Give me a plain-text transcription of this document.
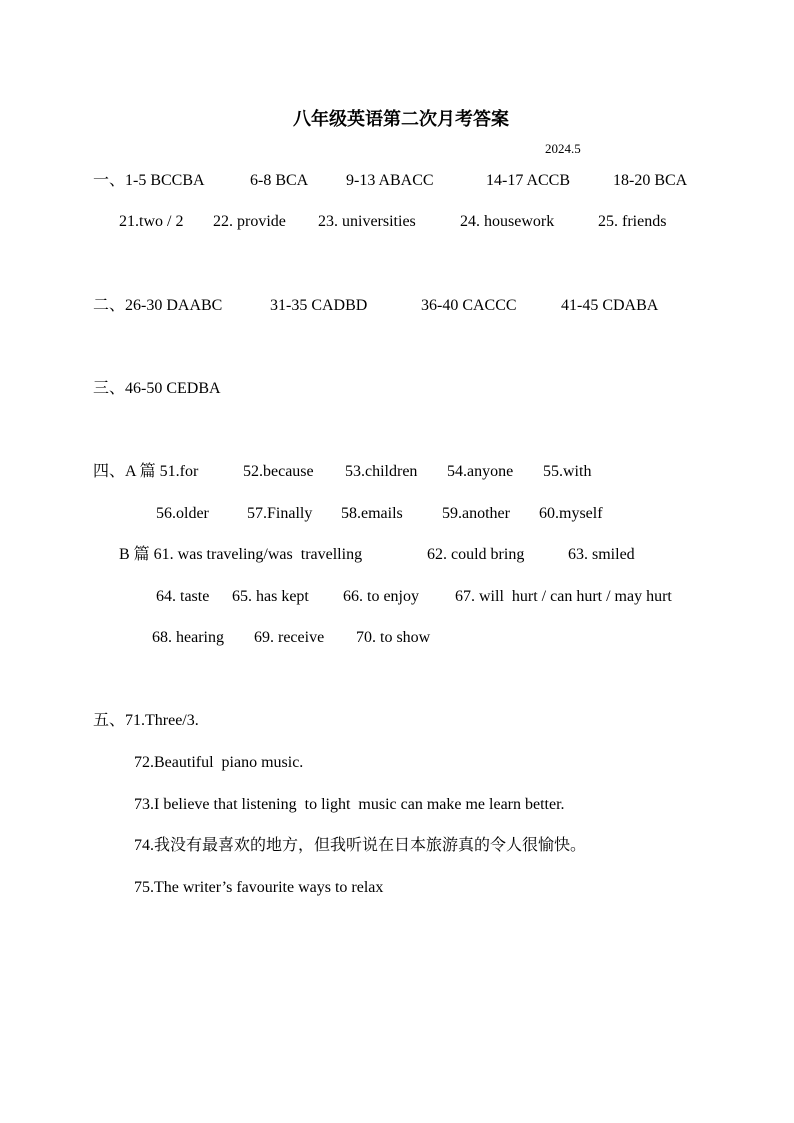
八年级英语第二次月考答案
2024.5
一、1-5 BCCBA	6-8 BCA 9-13 ABACC	14-17 ACCB	18-20 BCA
21.two / 2 22. provide 23. universities	24. housework	25. friends
二、26-30 DAABC	31-35 CADBD	36-40 CACCC	41-45 CDABA
三、46-50 CEDBA
四、A 篇 51.for	52.because 53.children 54.anyone 55.with
56.older 57.Finally 58.emails 59.another 60.myself
B 篇 61. was traveling/was  travelling	62. could bring	63. smiled
64. taste 65. has kept 66. to enjoy 67. will  hurt / can hurt / may hurt
68. hearing 69. receive 70. to show
五、71.Three/3.
72.Beautiful  piano music.
73.I believe that listening  to light  music can make me learn better.
74.我没有最喜欢的地方，但我听说在日本旅游真的令人很愉快。
75.The writer’s favourite ways to relax
